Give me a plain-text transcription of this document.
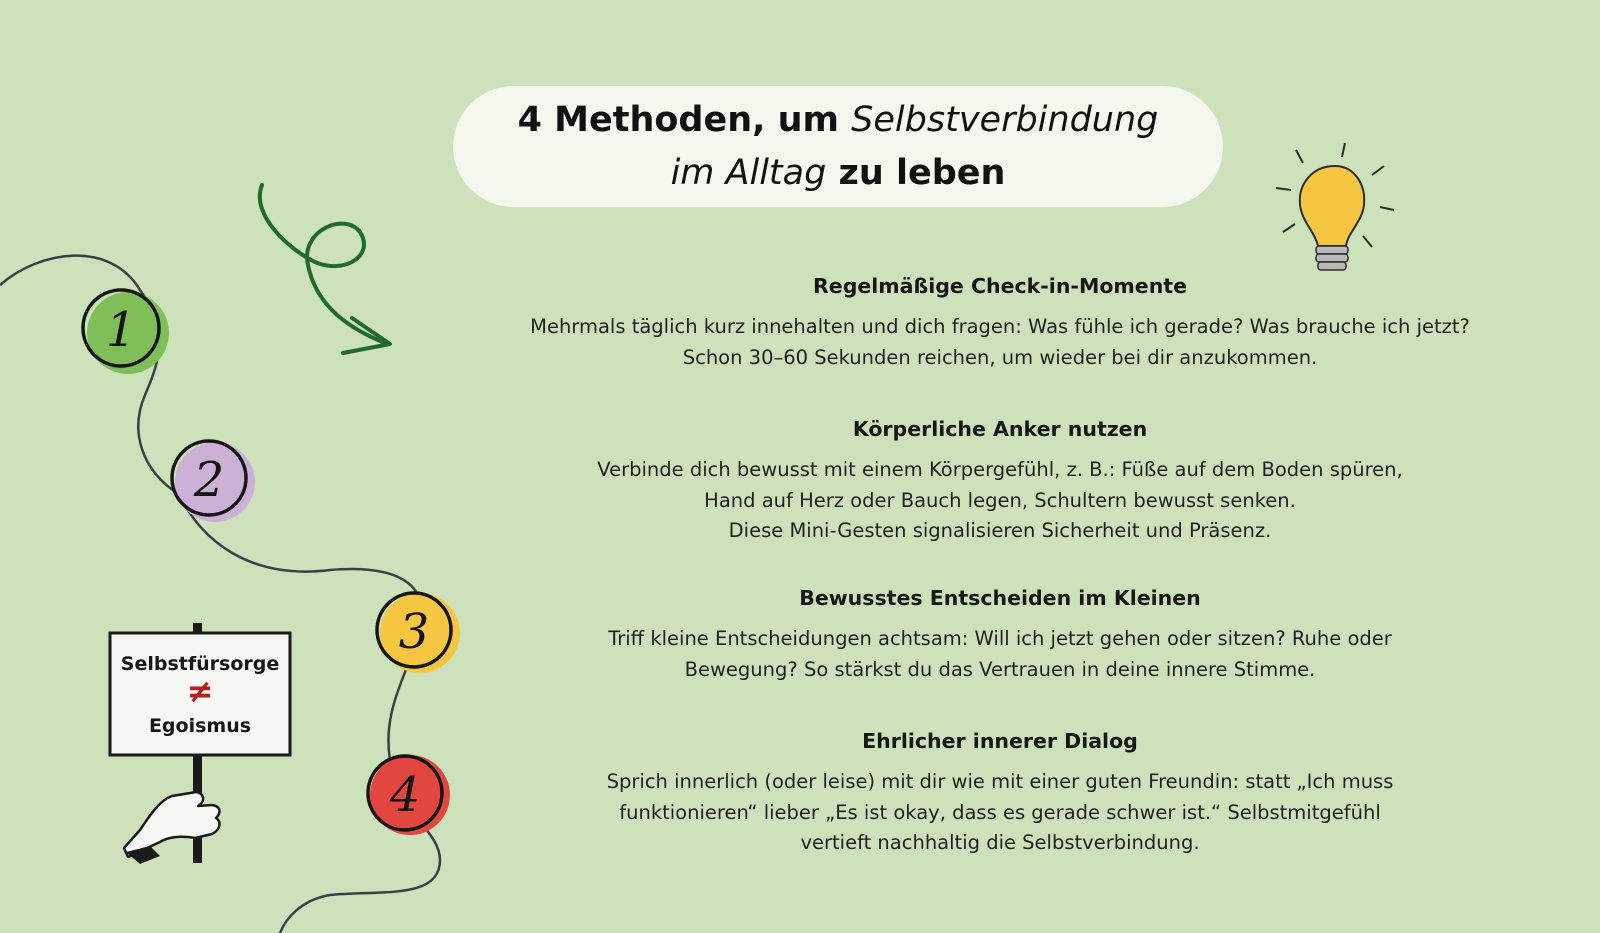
1
2
3
4
Selbstfürsorge
≠
Egoismus
4 Methoden, um Selbstverbindung
im Alltag zu leben
Regelmäßige Check-in-Momente
Mehrmals täglich kurz innehalten und dich fragen: Was fühle ich gerade? Was brauche ich jetzt?
Schon 30–60 Sekunden reichen, um wieder bei dir anzukommen.
Körperliche Anker nutzen
Verbinde dich bewusst mit einem Körpergefühl, z. B.: Füße auf dem Boden spüren,
Hand auf Herz oder Bauch legen, Schultern bewusst senken.
Diese Mini-Gesten signalisieren Sicherheit und Präsenz.
Bewusstes Entscheiden im Kleinen
Triff kleine Entscheidungen achtsam: Will ich jetzt gehen oder sitzen? Ruhe oder
Bewegung? So stärkst du das Vertrauen in deine innere Stimme.
Ehrlicher innerer Dialog
Sprich innerlich (oder leise) mit dir wie mit einer guten Freundin: statt „Ich muss
funktionieren“ lieber „Es ist okay, dass es gerade schwer ist.“ Selbstmitgefühl
vertieft nachhaltig die Selbstverbindung.
